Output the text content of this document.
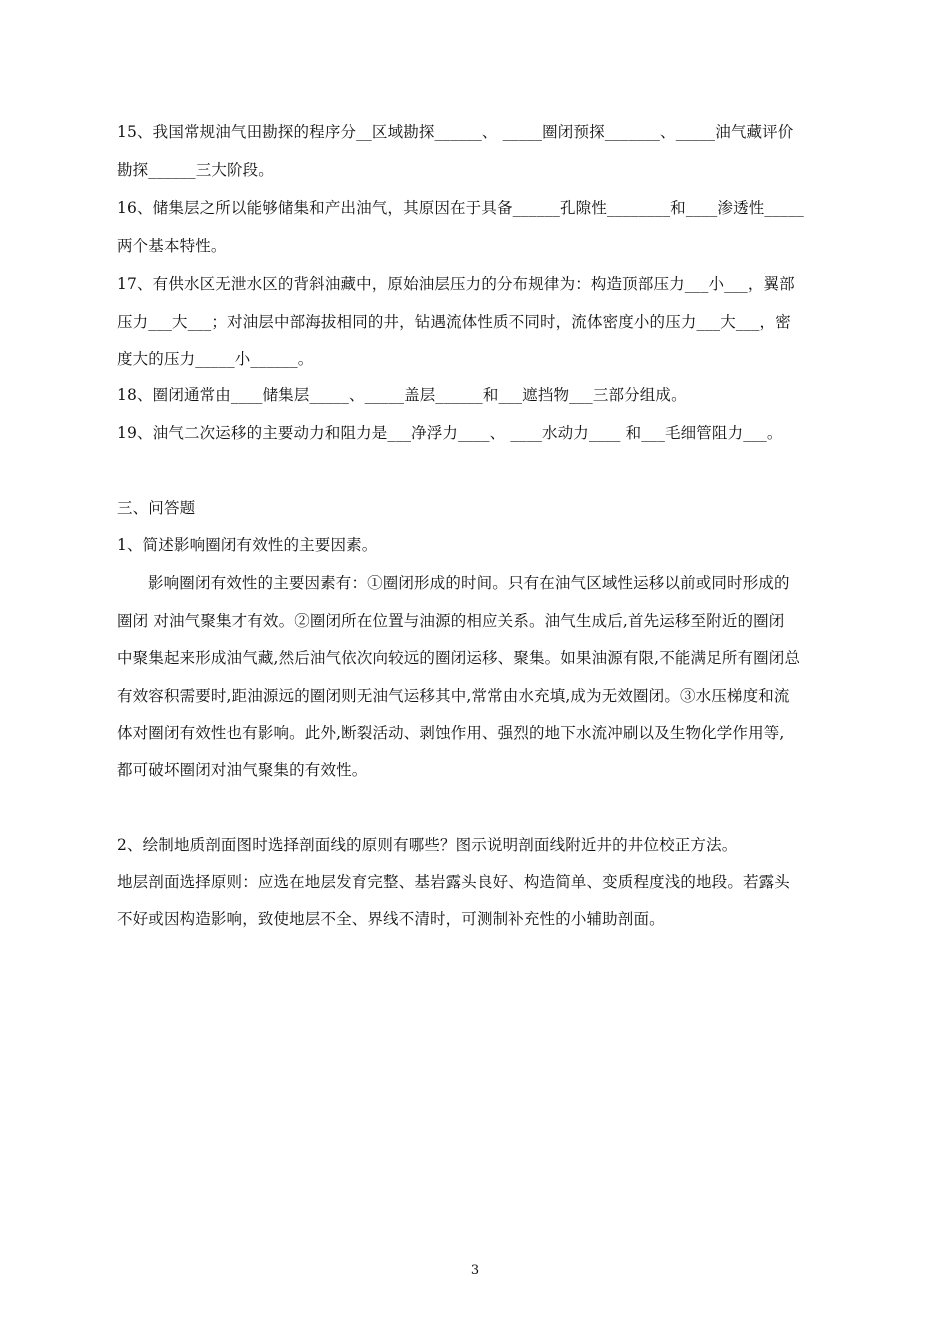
15、我国常规油气田勘探的程序分__区域勘探______、 _____圈闭预探_______、_____油气藏评价
勘探______三大阶段。
16、储集层之所以能够储集和产出油气，其原因在于具备______孔隙性________和____渗透性_____
两个基本特性。
17、有供水区无泄水区的背斜油藏中，原始油层压力的分布规律为：构造顶部压力___小___，翼部
压力___大___；对油层中部海拔相同的井，钻遇流体性质不同时，流体密度小的压力___大___，密
度大的压力_____小______。
18、圈闭通常由____储集层_____、_____盖层______和___遮挡物___三部分组成。
19、油气二次运移的主要动力和阻力是___净浮力____、 ____水动力____ 和___毛细管阻力___。
三、问答题
1、简述影响圈闭有效性的主要因素。
影响圈闭有效性的主要因素有：①圈闭形成的时间。只有在油气区域性运移以前或同时形成的
圈闭 对油气聚集才有效。②圈闭所在位置与油源的相应关系。油气生成后,首先运移至附近的圈闭
中聚集起来形成油气藏,然后油气依次向较远的圈闭运移、聚集。如果油源有限,不能满足所有圈闭总
有效容积需要时,距油源远的圈闭则无油气运移其中,常常由水充填,成为无效圈闭。③水压梯度和流
体对圈闭有效性也有影响。此外,断裂活动、剥蚀作用、强烈的地下水流冲刷以及生物化学作用等,
都可破坏圈闭对油气聚集的有效性。
2、绘制地质剖面图时选择剖面线的原则有哪些？图示说明剖面线附近井的井位校正方法。
地层剖面选择原则：应选在地层发育完整、基岩露头良好、构造简单、变质程度浅的地段。若露头
不好或因构造影响，致使地层不全、界线不清时，可测制补充性的小辅助剖面。
3
